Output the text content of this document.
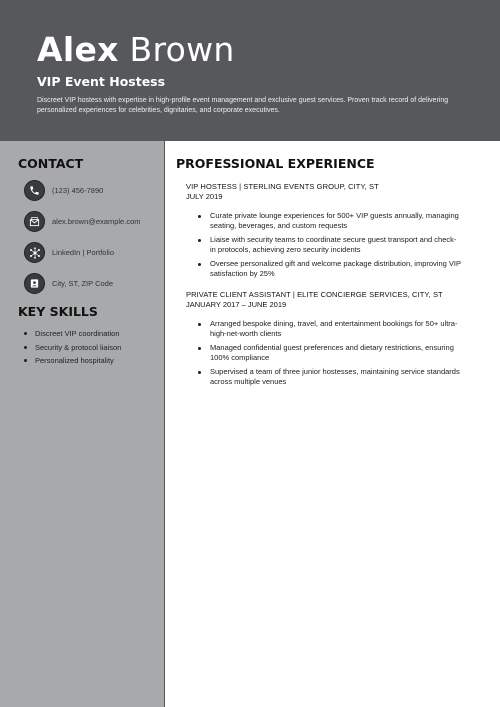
Alex Brown
VIP Event Hostess
Discreet VIP hostess with expertise in high-profile event management and exclusive guest services. Proven track record of delivering personalized experiences for celebrities, dignitaries, and corporate executives.
CONTACT
(123) 456-7890
alex.brown@example.com
LinkedIn | Portfolio
City, ST, ZIP Code
KEY SKILLS
Discreet VIP coordination
Security & protocol liaison
Personalized hospitality
PROFESSIONAL EXPERIENCE
VIP HOSTESS | STERLING EVENTS GROUP, CITY, ST
JULY 2019
Curate private lounge experiences for 500+ VIP guests annually, managing seating, beverages, and custom requests
Liaise with security teams to coordinate secure guest transport and check-in protocols, achieving zero security incidents
Oversee personalized gift and welcome package distribution, improving VIP satisfaction by 25%
PRIVATE CLIENT ASSISTANT | ELITE CONCIERGE SERVICES, CITY, ST
JANUARY 2017 – JUNE 2019
Arranged bespoke dining, travel, and entertainment bookings for 50+ ultra-high-net-worth clients
Managed confidential guest preferences and dietary restrictions, ensuring 100% compliance
Supervised a team of three junior hostesses, maintaining service standards across multiple venues
